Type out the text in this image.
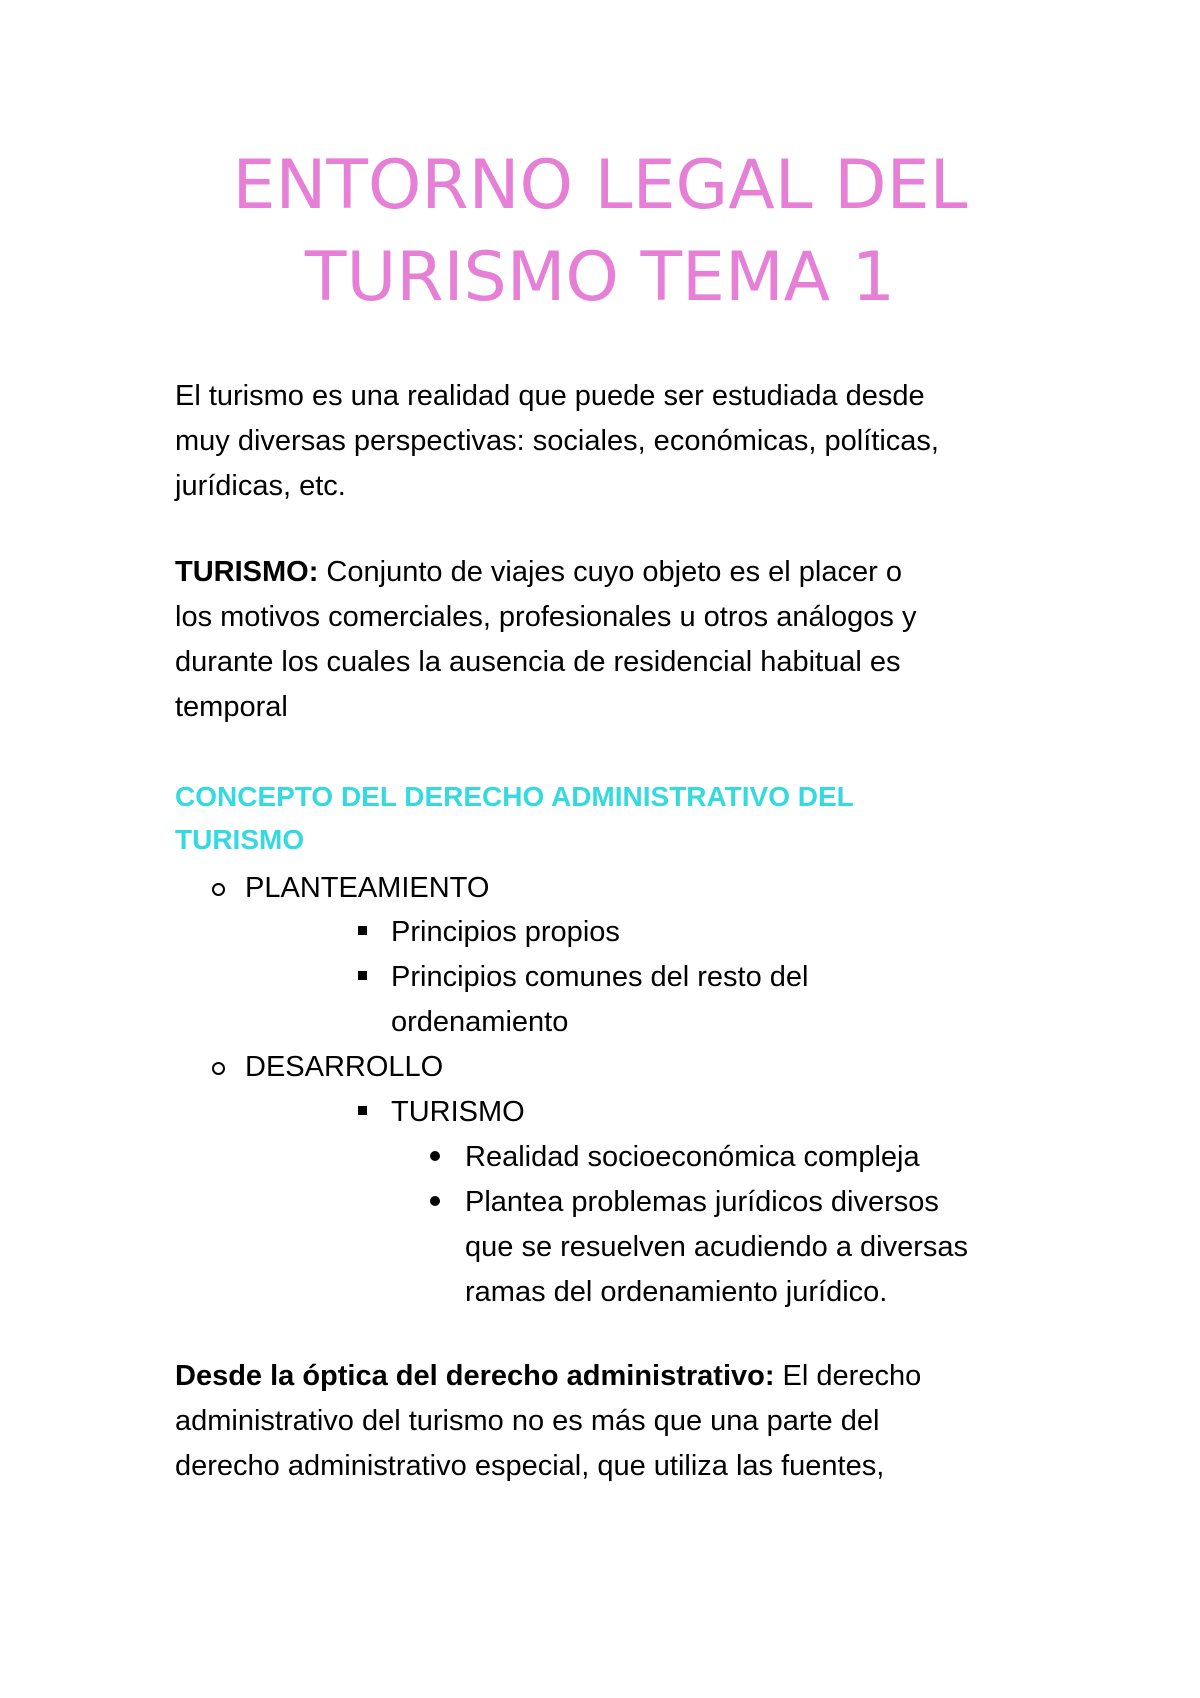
ENTORNO LEGAL DEL
TURISMO TEMA 1
El turismo es una realidad que puede ser estudiada desde
muy diversas perspectivas: sociales, económicas, políticas,
jurídicas, etc.
TURISMO: Conjunto de viajes cuyo objeto es el placer o
los motivos comerciales, profesionales u otros análogos y
durante los cuales la ausencia de residencial habitual es
temporal
CONCEPTO DEL DERECHO ADMINISTRATIVO DEL
TURISMO
PLANTEAMIENTO
Principios propios
Principios comunes del resto del
ordenamiento
DESARROLLO
TURISMO
Realidad socioeconómica compleja
Plantea problemas jurídicos diversos
que se resuelven acudiendo a diversas
ramas del ordenamiento jurídico.
Desde la óptica del derecho administrativo: El derecho
administrativo del turismo no es más que una parte del
derecho administrativo especial, que utiliza las fuentes,
